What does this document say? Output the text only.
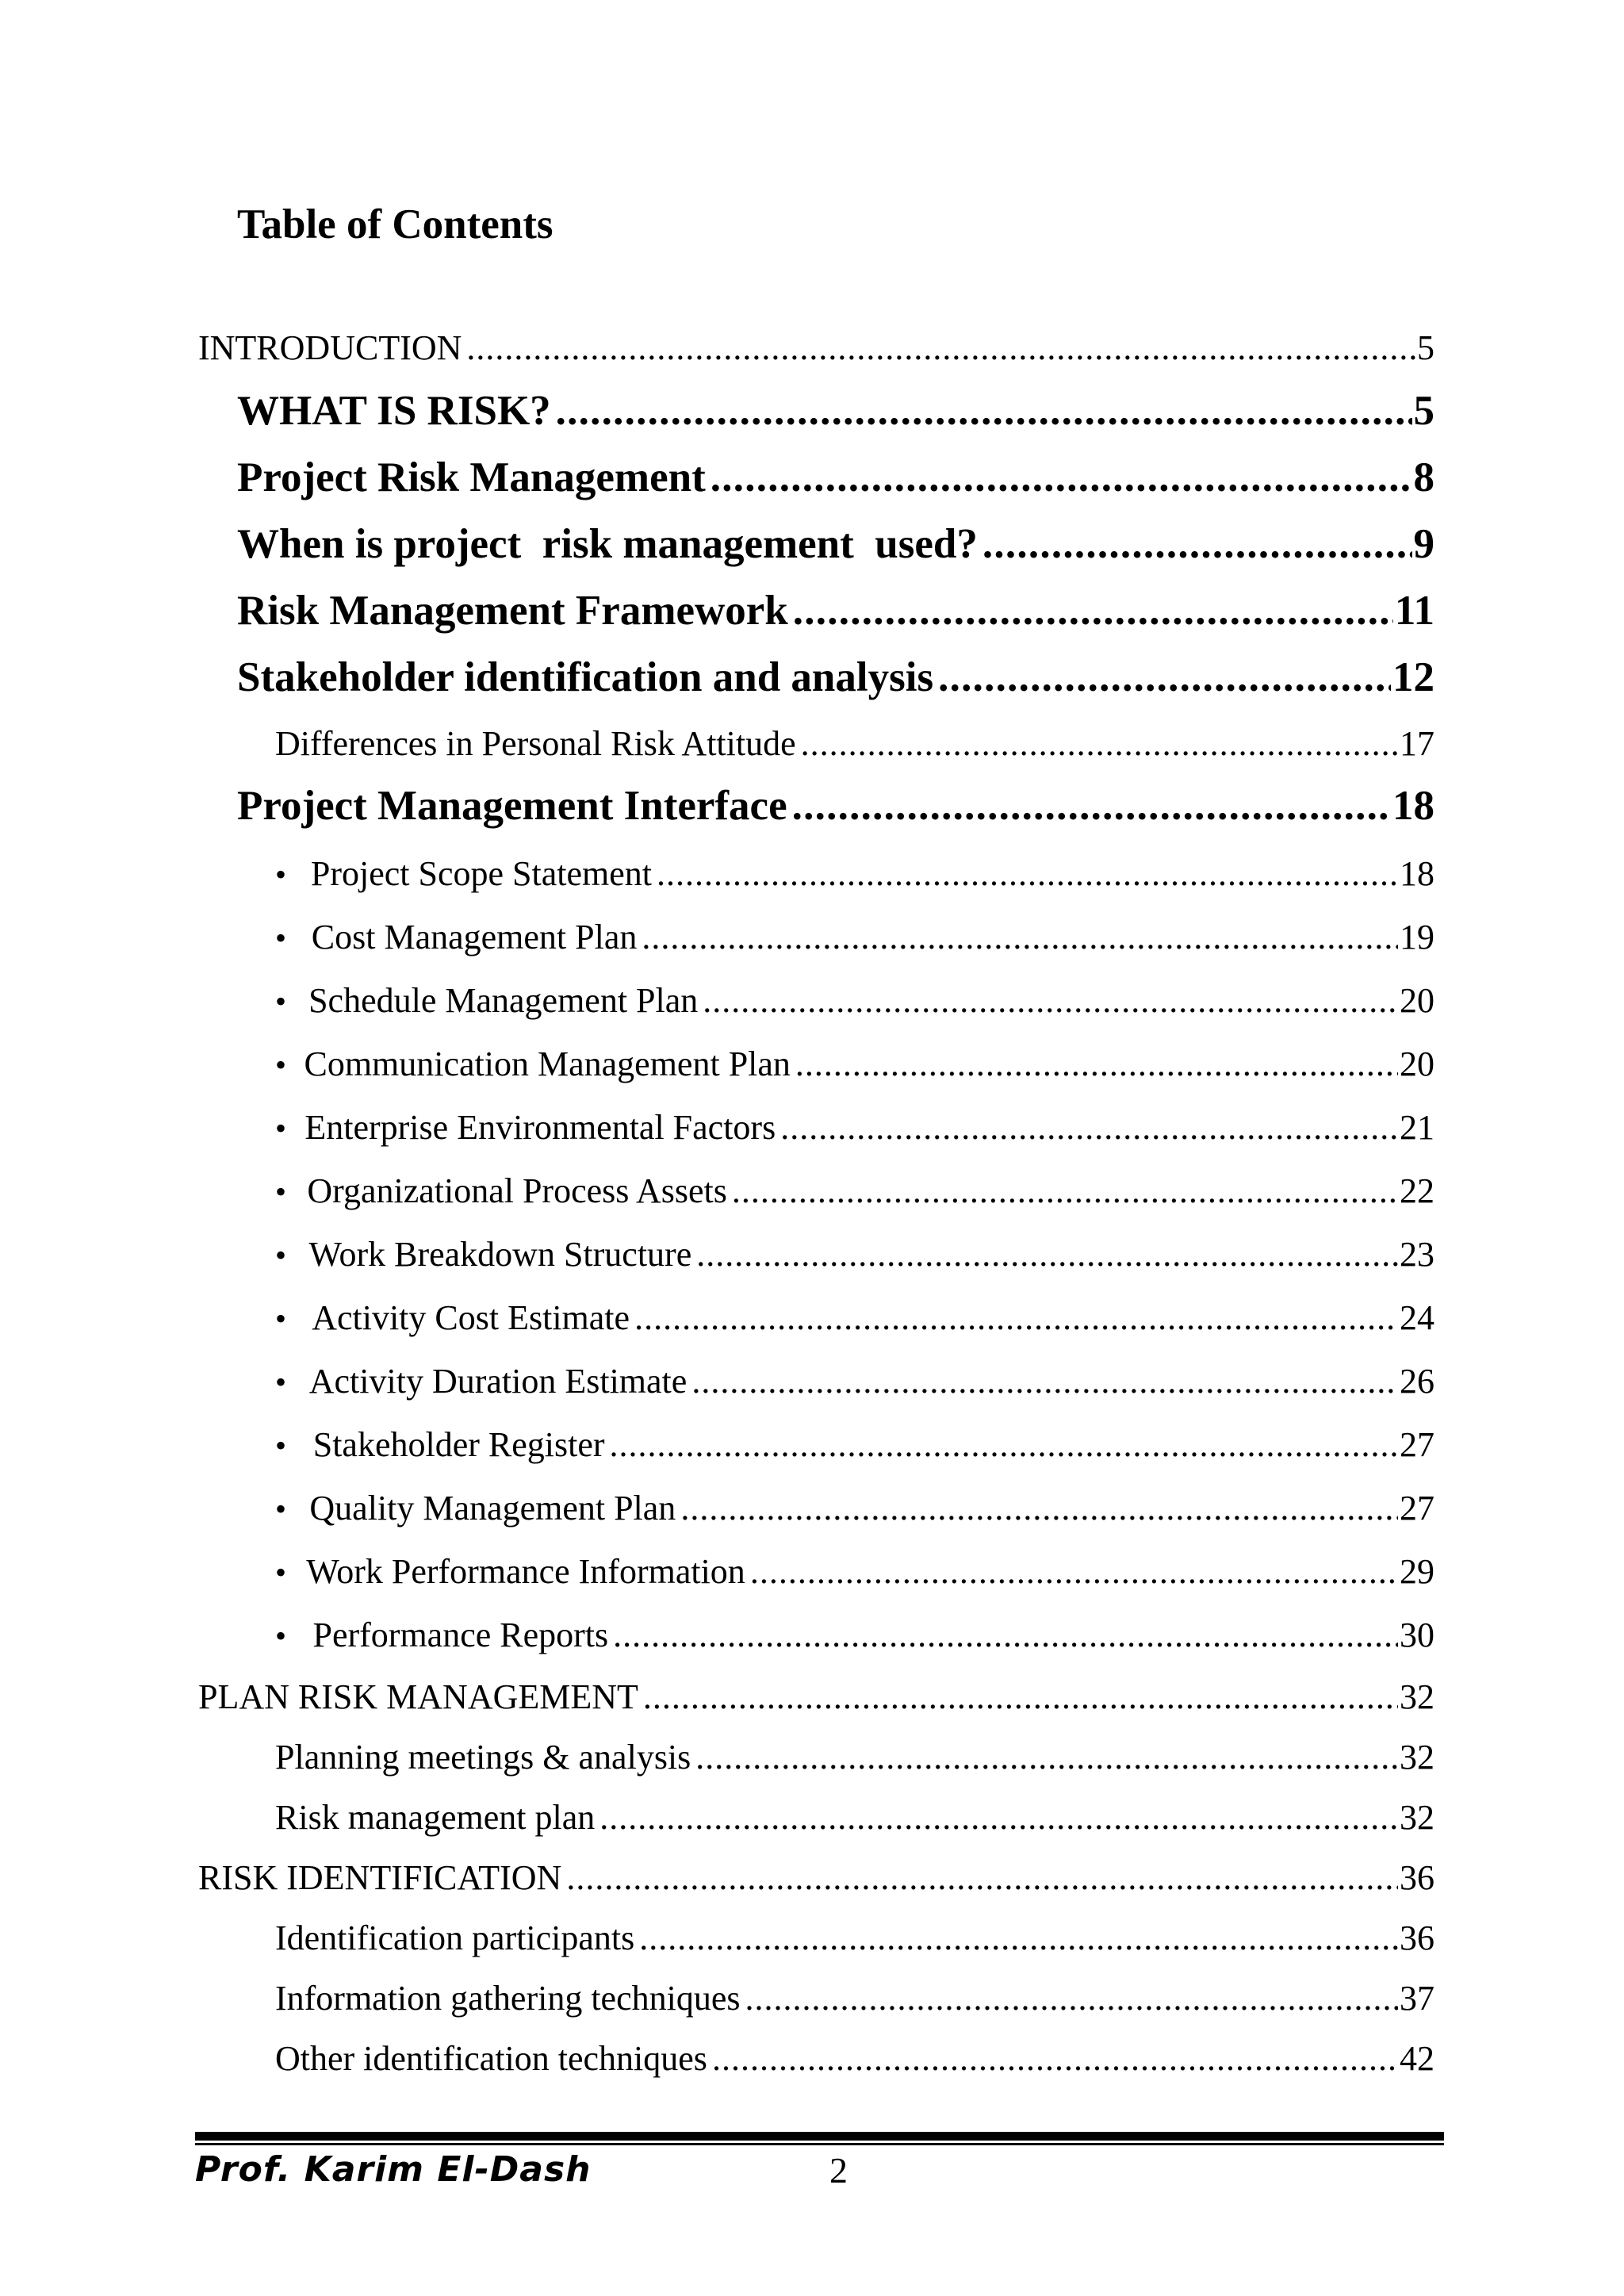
Table of Contents
INTRODUCTION . . .	5
WHAT IS RISK? . . .	5
Project Risk Management . . .	8
When is project  risk management  used? . . .	9
Risk Management Framework . . .	11
Stakeholder identification and analysis . . .	12
Differences in Personal Risk Attitude . . .	17
Project Management Interface . . .	18
• Project Scope Statement . . .	18
• Cost Management Plan . . .	19
• Schedule Management Plan . . .	20
• Communication Management Plan . . .	20
• Enterprise Environmental Factors . . .	21
• Organizational Process Assets . . .	22
• Work Breakdown Structure . . .	23
• Activity Cost Estimate . . .	24
• Activity Duration Estimate . . .	26
• Stakeholder Register . . .	27
• Quality Management Plan . . .	27
• Work Performance Information . . .	29
• Performance Reports . . .	30
PLAN RISK MANAGEMENT . . .	32
Planning meetings & analysis . . .	32
Risk management plan . . .	32
RISK IDENTIFICATION . . .	36
Identification participants . . .	36
Information gathering techniques . . .	37
Other identification techniques . . .	42
Prof. Karim El-Dash	2
